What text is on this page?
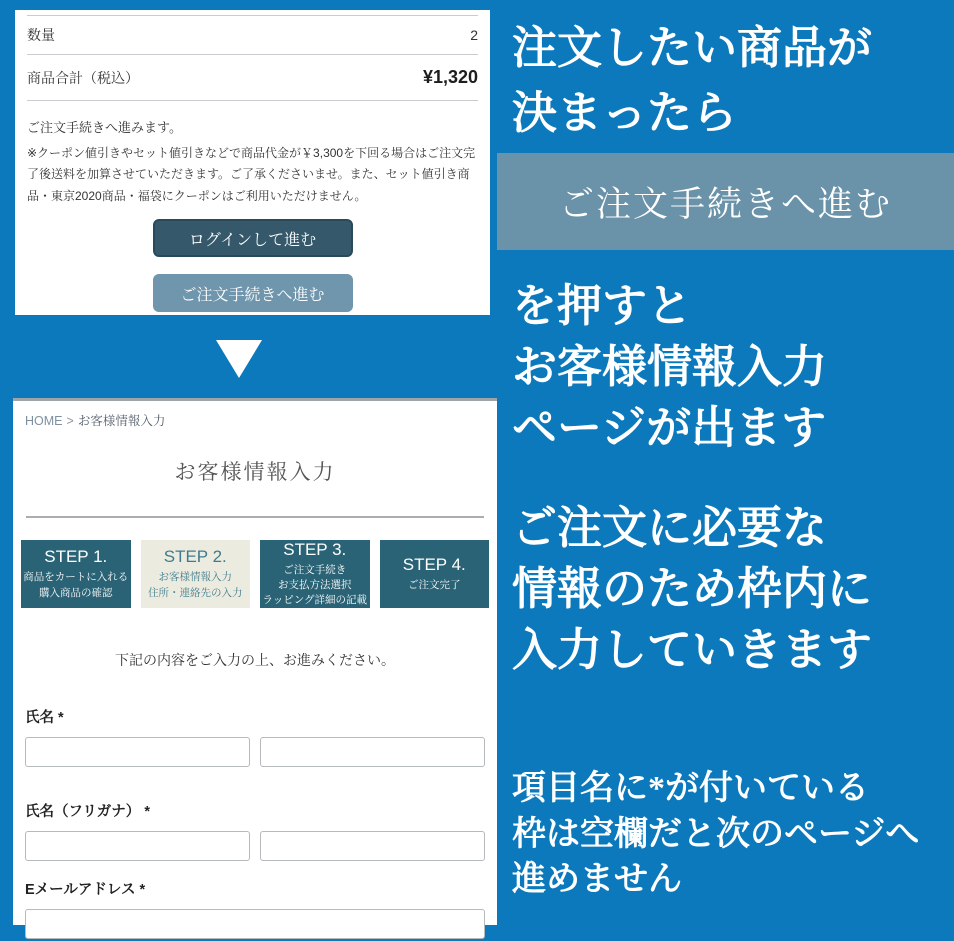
数量	2
商品合計（税込）	¥1,320

ご注文手続きへ進みます。

※クーポン値引きやセット値引きなどで商品代金が￥3,300を下回る場合はご注文完了後送料を加算させていただきます。ご了承くださいませ。また、セット値引き商品・東京2020商品・福袋にクーポンはご利用いただけません。

ログインして進む
ご注文手続きへ進む
HOME > お客様情報入力
お客様情報入力
STEP 1.
商品をカートに入れる
購入商品の確認
STEP 2.
お客様情報入力
住所・連絡先の入力
STEP 3.
ご注文手続き
お支払方法選択
ラッピング詳細の記載
STEP 4.
ご注文完了

下記の内容をご入力の上、お進みください。

氏名 *
氏名（フリガナ） *
Eメールアドレス *
注文したい商品が
決まったら
ご注文手続きへ進む
を押すと
お客様情報入力
ページが出ます
ご注文に必要な
情報のため枠内に
入力していきます
項目名に*が付いている
枠は空欄だと次のページへ
進めません
